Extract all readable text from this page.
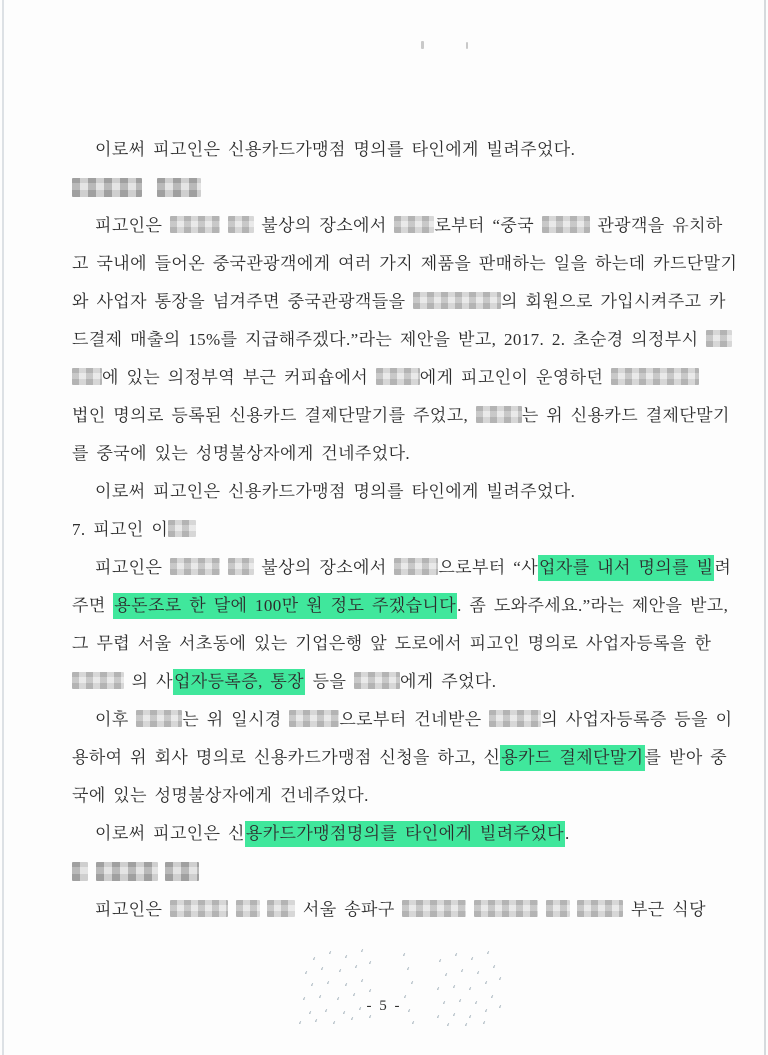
이로써 피고인은 신용카드가맹점 명의를 타인에게 빌려주었다.

피고인은	불상의 장소에서 로부터 “중국	관광객을 유치하
고 국내에 들어온 중국관광객에게 여러 가지 제품을 판매하는 일을 하는데 카드단말기
와 사업자 통장을 넘겨주면 중국관광객들을	의 회원으로 가입시켜주고 카
드결제 매출의 15%를 지급해주겠다.”라는 제안을 받고, 2017. 2. 초순경 의정부시
에 있는 의정부역 부근 커피숍에서	에게 피고인이 운영하던
법인 명의로 등록된 신용카드 결제단말기를 주었고,	는 위 신용카드 결제단말기
를 중국에 있는 성명불상자에게 건네주었다.
이로써 피고인은 신용카드가맹점 명의를 타인에게 빌려주었다.
7. 피고인 이
피고인은	불상의 장소에서	으로부터 “사업자를 내서 명의를 빌려
주면 용돈조로 한 달에 100만 원 정도 주겠습니다. 좀 도와주세요.”라는 제안을 받고,
그 무렵 서울 서초동에 있는 기업은행 앞 도로에서 피고인 명의로 사업자등록을 한
의 사업자등록증, 통장 등을	에게 주었다.
이후	는 위 일시경	으로부터 건네받은	의 사업자등록증 등을 이
용하여 위 회사 명의로 신용카드가맹점 신청을 하고, 신용카드 결제단말기를 받아 중
국에 있는 성명불상자에게 건네주었다.
이로써 피고인은 신용카드가맹점명의를 타인에게 빌려주었다.

피고인은	서울 송파구	부근 식당
‘ ‘ ‘ ‘
‘ ‘ ‘ ‘ ‘
‘ ‘ ‘ ‘
‘ ‘ ‘ ‘ ‘
‘ ‘ ‘ ‘
‘ ‘ ‘ ‘ ‘
‘
‘
‘
‘
‘
‘
‘ ‘ ‘ ‘
‘ ‘ ‘ ‘
‘ ‘ ‘ ‘ ‘
‘ ‘ ‘ ‘
‘ ‘ ‘ ‘ ‘
‘ ‘ ‘
- 5 -
